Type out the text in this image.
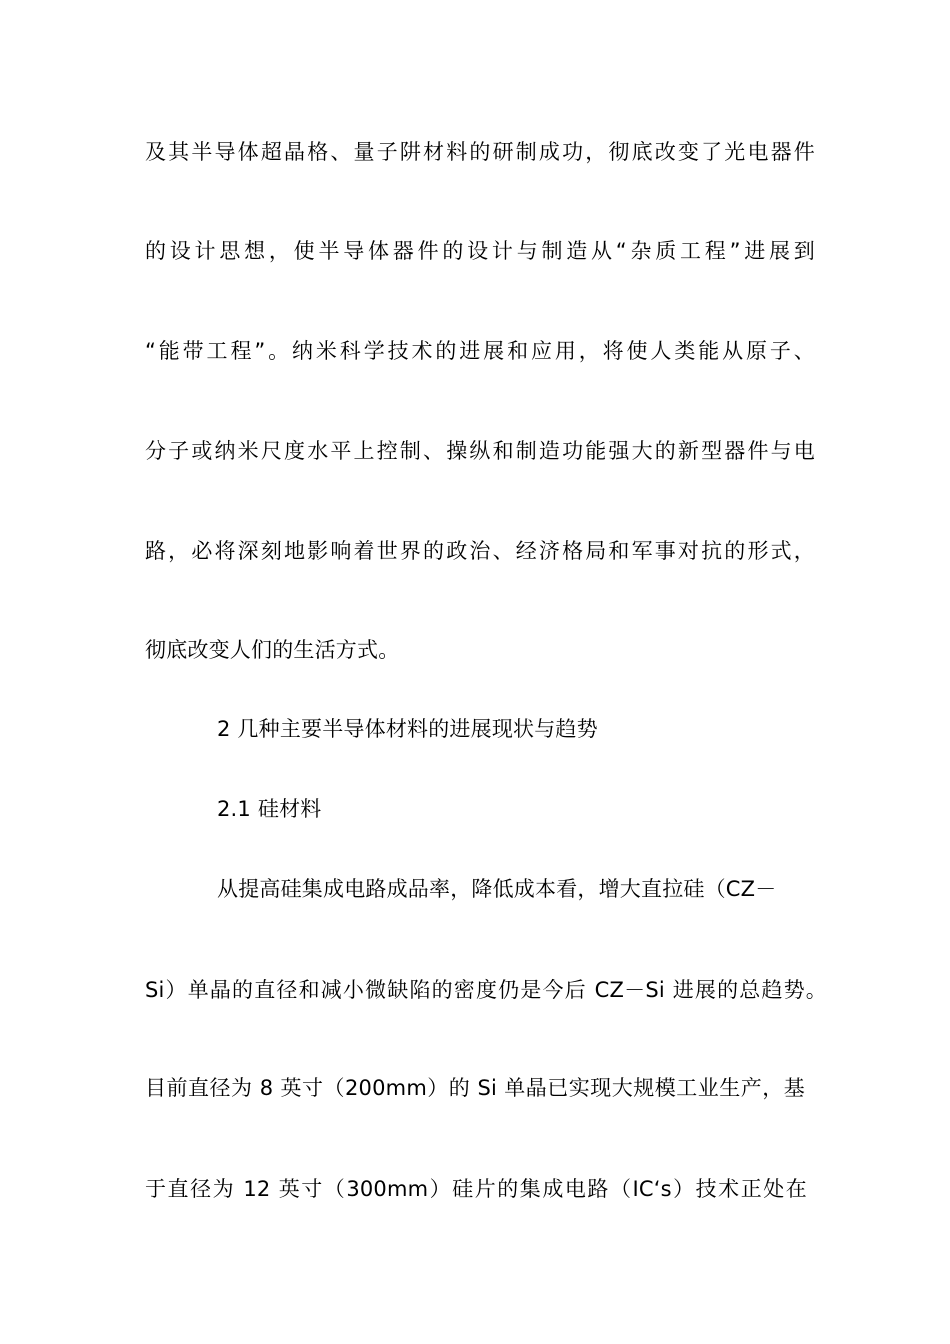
及其半导体超晶格、量子阱材料的研制成功，彻底改变了光电器件
的设计思想，使半导体器件的设计与制造从“杂质工程”进展到
“能带工程”。纳米科学技术的进展和应用，将使人类能从原子、
分子或纳米尺度水平上控制、操纵和制造功能强大的新型器件与电
路，必将深刻地影响着世界的政治、经济格局和军事对抗的形式，
彻底改变人们的生活方式。
2 几种主要半导体材料的进展现状与趋势
2.1 硅材料
从提高硅集成电路成品率，降低成本看，增大直拉硅（CZ－
Si）单晶的直径和减小微缺陷的密度仍是今后 CZ－Si 进展的总趋势。
目前直径为 8 英寸（200mm）的 Si 单晶已实现大规模工业生产，基
于直径为 12 英寸（300mm）硅片的集成电路（IC‘s）技术正处在
